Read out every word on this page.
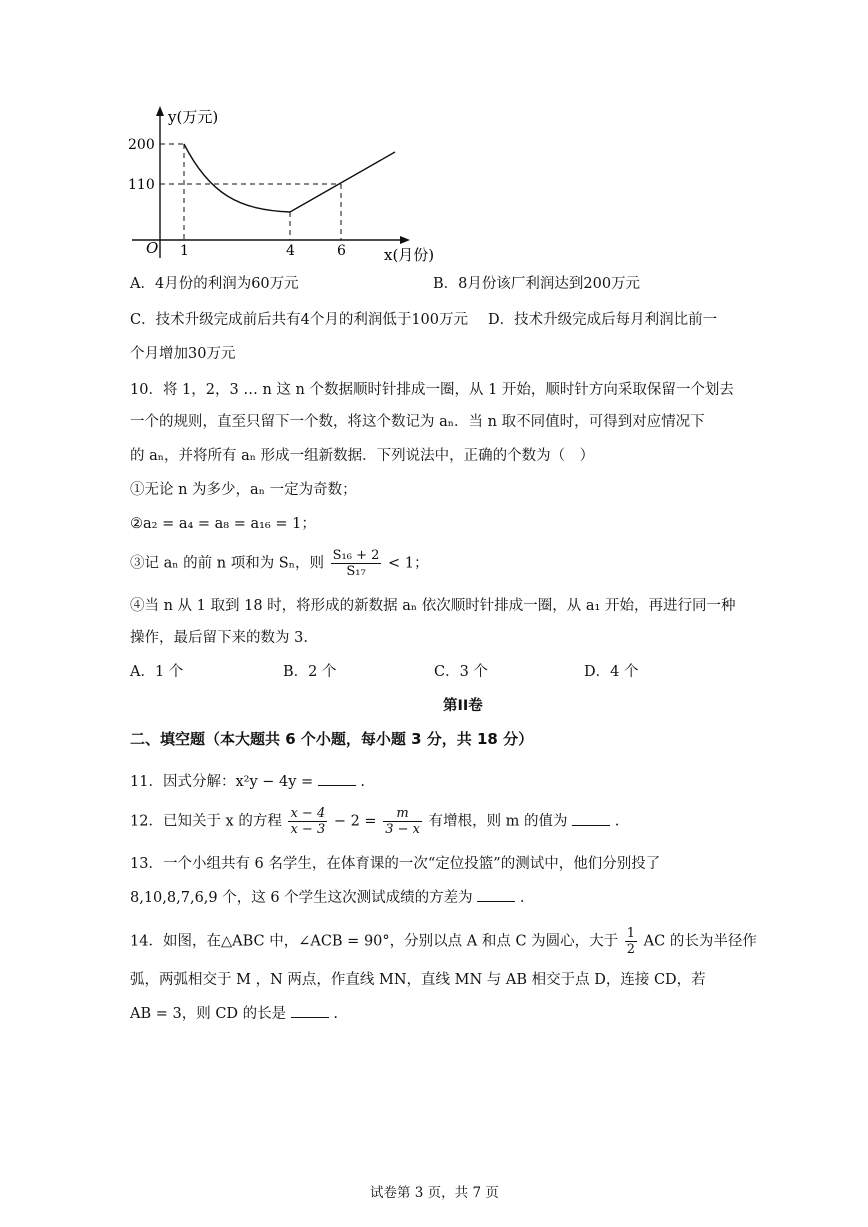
y(万元)
O
200
110
1	4	6	x(月份)
A．4月份的利润为60万元	B．8月份该厂利润达到200万元
C．技术升级完成前后共有4个月的利润低于100万元 D．技术升级完成后每月利润比前一
个月增加30万元
10．将 1，2，3 … n 这 n 个数据顺时针排成一圈，从 1 开始，顺时针方向采取保留一个划去
一个的规则，直至只留下一个数，将这个数记为 aₙ．当 n 取不同值时，可得到对应情况下
的 aₙ，并将所有 aₙ 形成一组新数据．下列说法中，正确的个数为（　）
①无论 n 为多少，aₙ 一定为奇数；
②a₂ = a₄ = a₈ = a₁₆ = 1；
③记 aₙ 的前 n 项和为 Sₙ，则 $\frac{\text{S₁₆ + 2}}{\text{S₁₇}} < 1$；
④当 n 从 1 取到 18 时，将形成的新数据 aₙ 依次顺时针排成一圈，从 a₁ 开始，再进行同一种
操作，最后留下来的数为 3.
A．1 个	B．2 个	C．3 个	D．4 个
第II卷
二、填空题（本大题共 6 个小题，每小题 3 分，共 18 分）
11．因式分解：x²y − 4y =	.
12．已知关于 x 的方程 $\frac{x - 4}{x - 3} - 2 = \frac{m}{3 - x}$ 有增根，则 m 的值为	.
13．一个小组共有 6 名学生，在体育课的一次“定位投篮”的测试中，他们分别投了
8,10,8,7,6,9 个，这 6 个学生这次测试成绩的方差为	.
14．如图，在△ABC 中，∠ACB = 90°，分别以点 A 和点 C 为圆心，大于 $\frac{1}{2}$ AC 的长为半径作
弧，两弧相交于 M ，N 两点，作直线 MN，直线 MN 与 AB 相交于点 D，连接 CD，若
AB = 3，则 CD 的长是	.
试卷第 3 页，共 7 页
